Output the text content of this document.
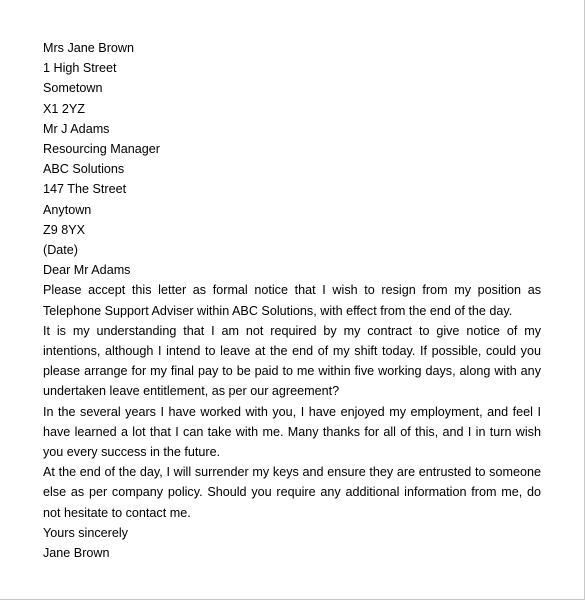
Mrs Jane Brown
1 High Street
Sometown
X1 2YZ
Mr J Adams
Resourcing Manager
ABC Solutions
147 The Street
Anytown
Z9 8YX
(Date)
Dear Mr Adams

Please accept this letter as formal notice that I wish to resign from my position as Telephone Support Adviser within ABC Solutions, with effect from the end of the day.

It is my understanding that I am not required by my contract to give notice of my intentions, although I intend to leave at the end of my shift today. If possible, could you please arrange for my final pay to be paid to me within five working days, along with any undertaken leave entitlement, as per our agreement?

In the several years I have worked with you, I have enjoyed my employment, and feel I have learned a lot that I can take with me. Many thanks for all of this, and I in turn wish you every success in the future.

At the end of the day, I will surrender my keys and ensure they are entrusted to someone else as per company policy. Should you require any additional information from me, do not hesitate to contact me.

Yours sincerely
Jane Brown
